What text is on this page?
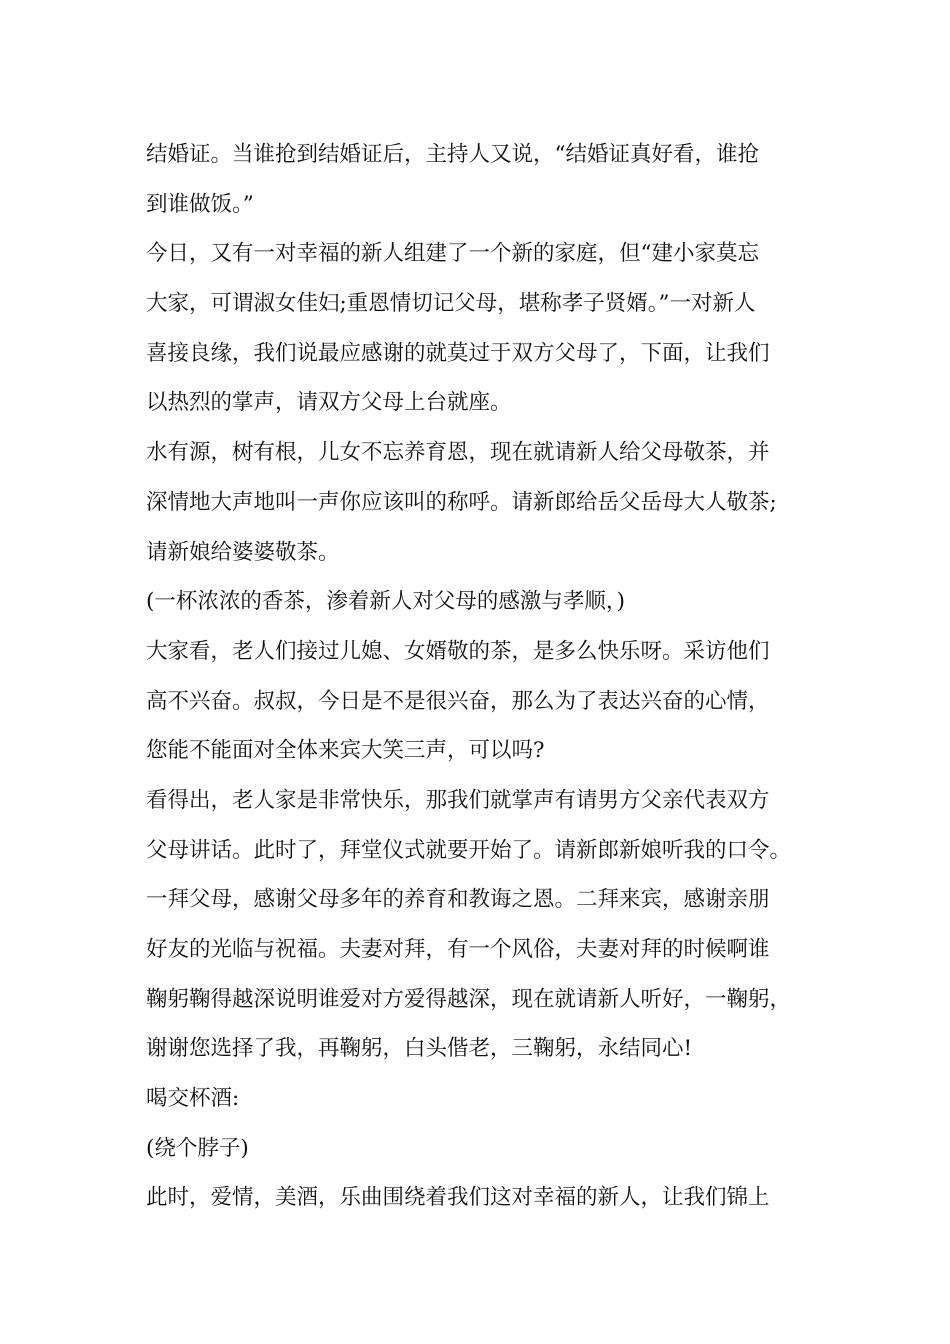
结婚证。当谁抢到结婚证后，主持人又说，“结婚证真好看，谁抢
到谁做饭。”
今日，又有一对幸福的新人组建了一个新的家庭，但“建小家莫忘
大家，可谓淑女佳妇;重恩情切记父母，堪称孝子贤婿。”一对新人
喜接良缘，我们说最应感谢的就莫过于双方父母了，下面，让我们
以热烈的掌声，请双方父母上台就座。
水有源，树有根，儿女不忘养育恩，现在就请新人给父母敬茶，并
深情地大声地叫一声你应该叫的称呼。请新郎给岳父岳母大人敬茶;
请新娘给婆婆敬茶。
(一杯浓浓的香茶，渗着新人对父母的感激与孝顺，)
大家看，老人们接过儿媳、女婿敬的茶，是多么快乐呀。采访他们
高不兴奋。叔叔，今日是不是很兴奋，那么为了表达兴奋的心情，
您能不能面对全体来宾大笑三声，可以吗?
看得出，老人家是非常快乐，那我们就掌声有请男方父亲代表双方
父母讲话。此时了，拜堂仪式就要开始了。请新郎新娘听我的口令。
一拜父母，感谢父母多年的养育和教诲之恩。二拜来宾，感谢亲朋
好友的光临与祝福。夫妻对拜，有一个风俗，夫妻对拜的时候啊谁
鞠躬鞠得越深说明谁爱对方爱得越深，现在就请新人听好，一鞠躬，
谢谢您选择了我，再鞠躬，白头偕老，三鞠躬，永结同心!
喝交杯酒:
(绕个脖子)
此时，爱情，美酒，乐曲围绕着我们这对幸福的新人，让我们锦上
